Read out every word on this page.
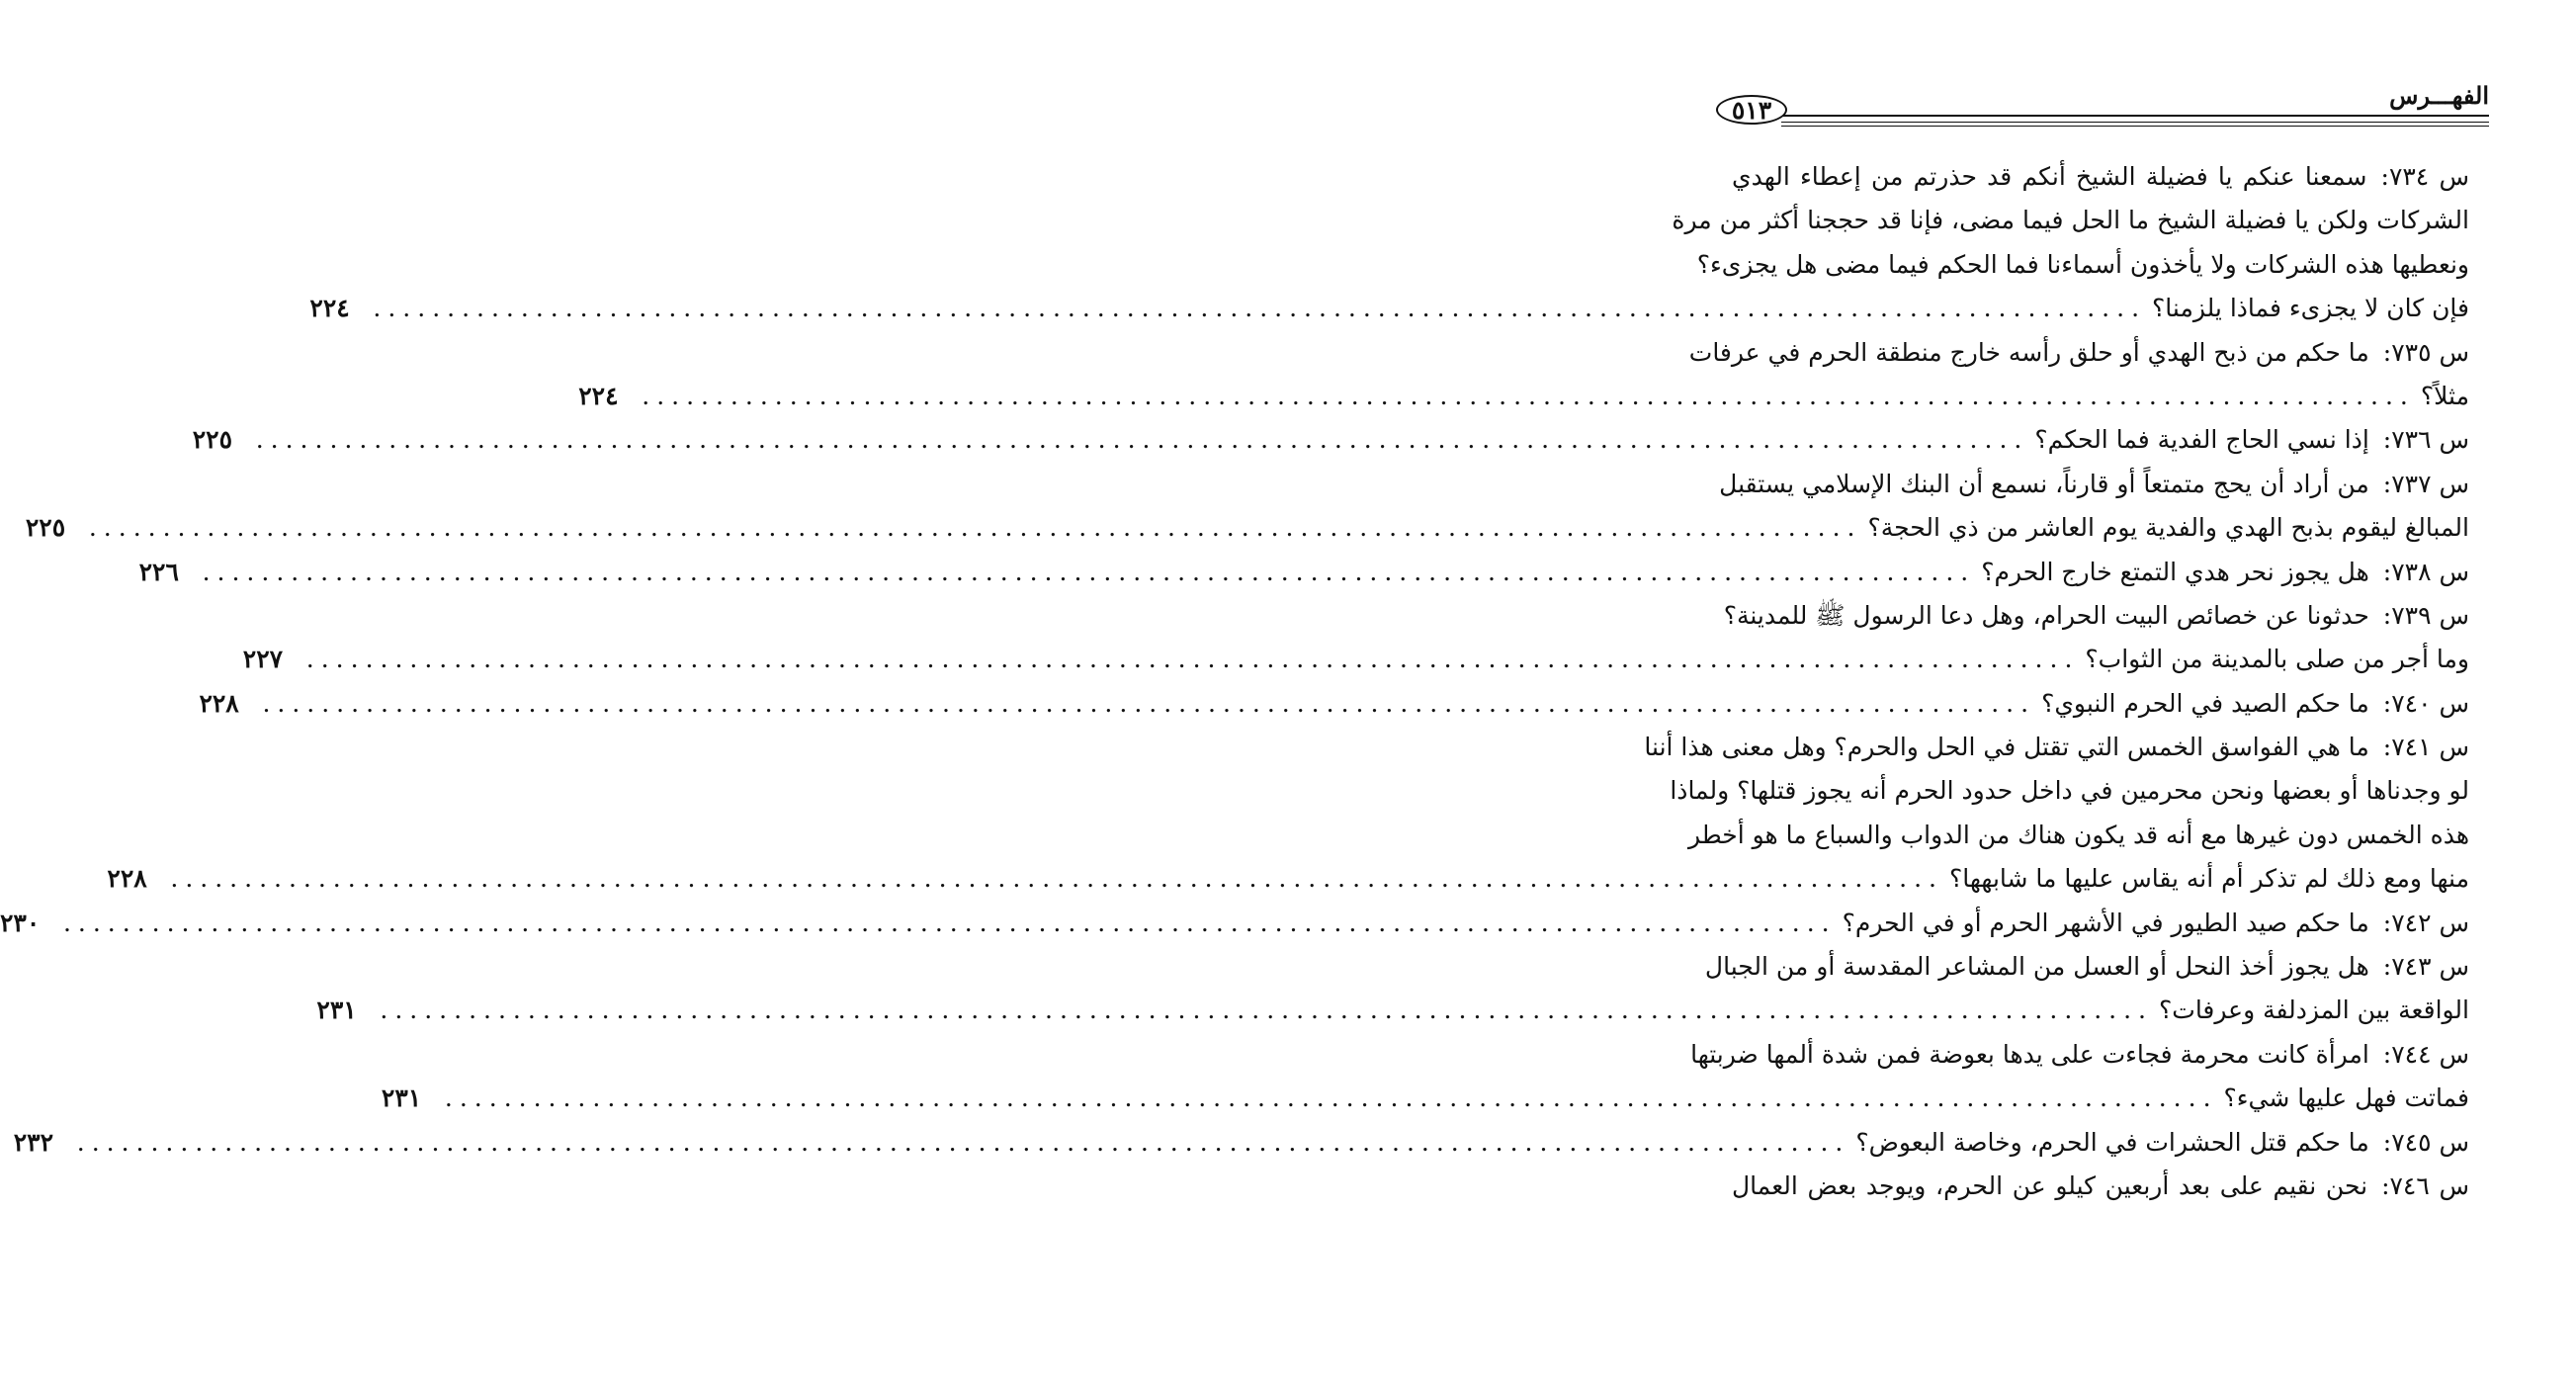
٥١٣	الفهـــرس
س ٧٣٤:سمعنا عنكم يا فضيلة الشيخ أنكم قد حذرتم من إعطاء الهدي
الشركات ولكن يا فضيلة الشيخ ما الحل فيما مضى، فإنا قد حججنا أكثر من مرة
ونعطيها هذه الشركات ولا يأخذون أسماءنا فما الحكم فيما مضى هل يجزىء؟
فإن كان لا يجزىء فماذا يلزمنا؟
........................................................................................................................
٢٢٤
س ٧٣٥:ما حكم من ذبح الهدي أو حلق رأسه خارج منطقة الحرم في عرفات
مثلاً؟
........................................................................................................................
٢٢٤
س ٧٣٦:إذا نسي الحاج الفدية فما الحكم؟
........................................................................................................................
٢٢٥
س ٧٣٧:من أراد أن يحج متمتعاً أو قارناً، نسمع أن البنك الإسلامي يستقبل
المبالغ ليقوم بذبح الهدي والفدية يوم العاشر من ذي الحجة؟
........................................................................................................................
٢٢٥
س ٧٣٨:هل يجوز نحر هدي التمتع خارج الحرم؟
........................................................................................................................
٢٢٦
س ٧٣٩:حدثونا عن خصائص البيت الحرام، وهل دعا الرسول ﷺ للمدينة؟
وما أجر من صلى بالمدينة من الثواب؟
........................................................................................................................
٢٢٧
س ٧٤٠:ما حكم الصيد في الحرم النبوي؟
........................................................................................................................
٢٢٨
س ٧٤١:ما هي الفواسق الخمس التي تقتل في الحل والحرم؟ وهل معنى هذا أننا
لو وجدناها أو بعضها ونحن محرمين في داخل حدود الحرم أنه يجوز قتلها؟ ولماذا
هذه الخمس دون غيرها مع أنه قد يكون هناك من الدواب والسباع ما هو أخطر
منها ومع ذلك لم تذكر أم أنه يقاس عليها ما شابهها؟
........................................................................................................................
٢٢٨
س ٧٤٢:ما حكم صيد الطيور في الأشهر الحرم أو في الحرم؟
........................................................................................................................
٢٣٠
س ٧٤٣:هل يجوز أخذ النحل أو العسل من المشاعر المقدسة أو من الجبال
الواقعة بين المزدلفة وعرفات؟
........................................................................................................................
٢٣١
س ٧٤٤:امرأة كانت محرمة فجاءت على يدها بعوضة فمن شدة ألمها ضربتها
فماتت فهل عليها شيء؟
........................................................................................................................
٢٣١
س ٧٤٥:ما حكم قتل الحشرات في الحرم، وخاصة البعوض؟
........................................................................................................................
٢٣٢
س ٧٤٦:نحن نقيم على بعد أربعين كيلو عن الحرم، ويوجد بعض العمال
